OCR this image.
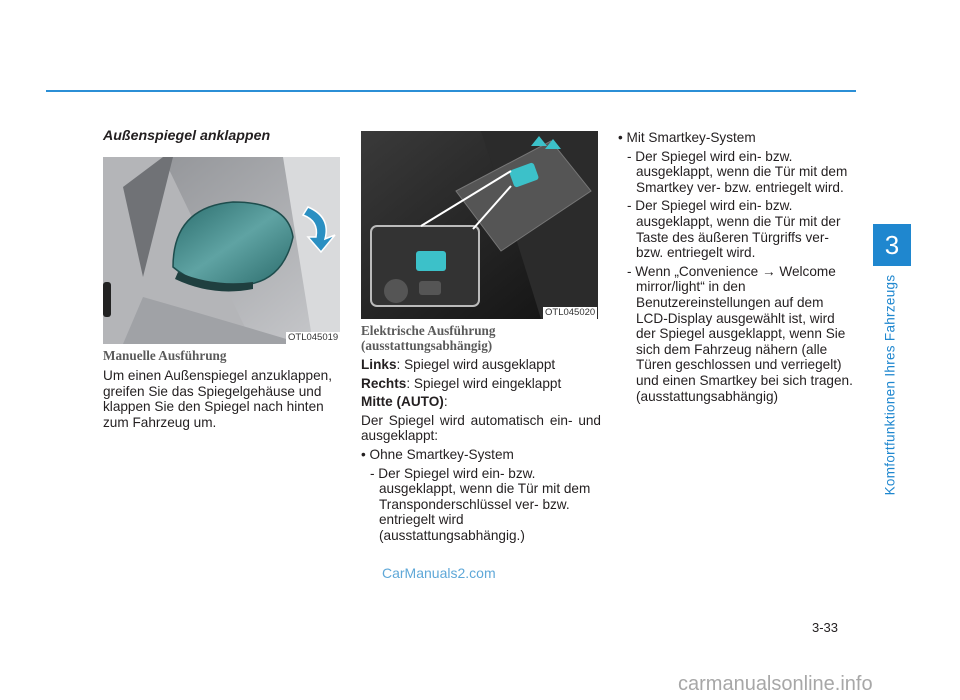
3
Komfortfunktionen Ihres Fahrzeugs
Außenspiegel anklappen
OTL045019
OTL045020
Manuelle Ausführung
Um einen Außenspiegel anzuklappen, greifen Sie das Spiegelgehäuse und klappen Sie den Spiegel nach hinten zum Fahrzeug um.
Elektrische Ausführung
(ausstattungsabhängig)
Links: Spiegel wird ausgeklappt
Rechts: Spiegel wird eingeklappt
Mitte (AUTO):
Der Spiegel wird automatisch ein- und ausgeklappt:
• Ohne Smartkey-System
- Der Spiegel wird ein- bzw. ausgeklappt, wenn die Tür mit dem Transponderschlüssel ver- bzw. entriegelt wird (ausstattungsabhängig.)
• Mit Smartkey-System
- Der Spiegel wird ein- bzw. ausgeklappt, wenn die Tür mit dem Smartkey ver- bzw. entriegelt wird.
- Der Spiegel wird ein- bzw. ausgeklappt, wenn die Tür mit der Taste des äußeren Türgriffs ver- bzw. entriegelt wird.
- Wenn „Convenience → Welcome mirror/light“ in den Benutzereinstellungen auf dem LCD-Display ausgewählt ist, wird der Spiegel ausgeklappt, wenn Sie sich dem Fahrzeug nähern (alle Türen geschlossen und verriegelt) und einen Smartkey bei sich tragen. (ausstattungsabhängig)
CarManuals2.com
3-33
carmanualsonline.info
